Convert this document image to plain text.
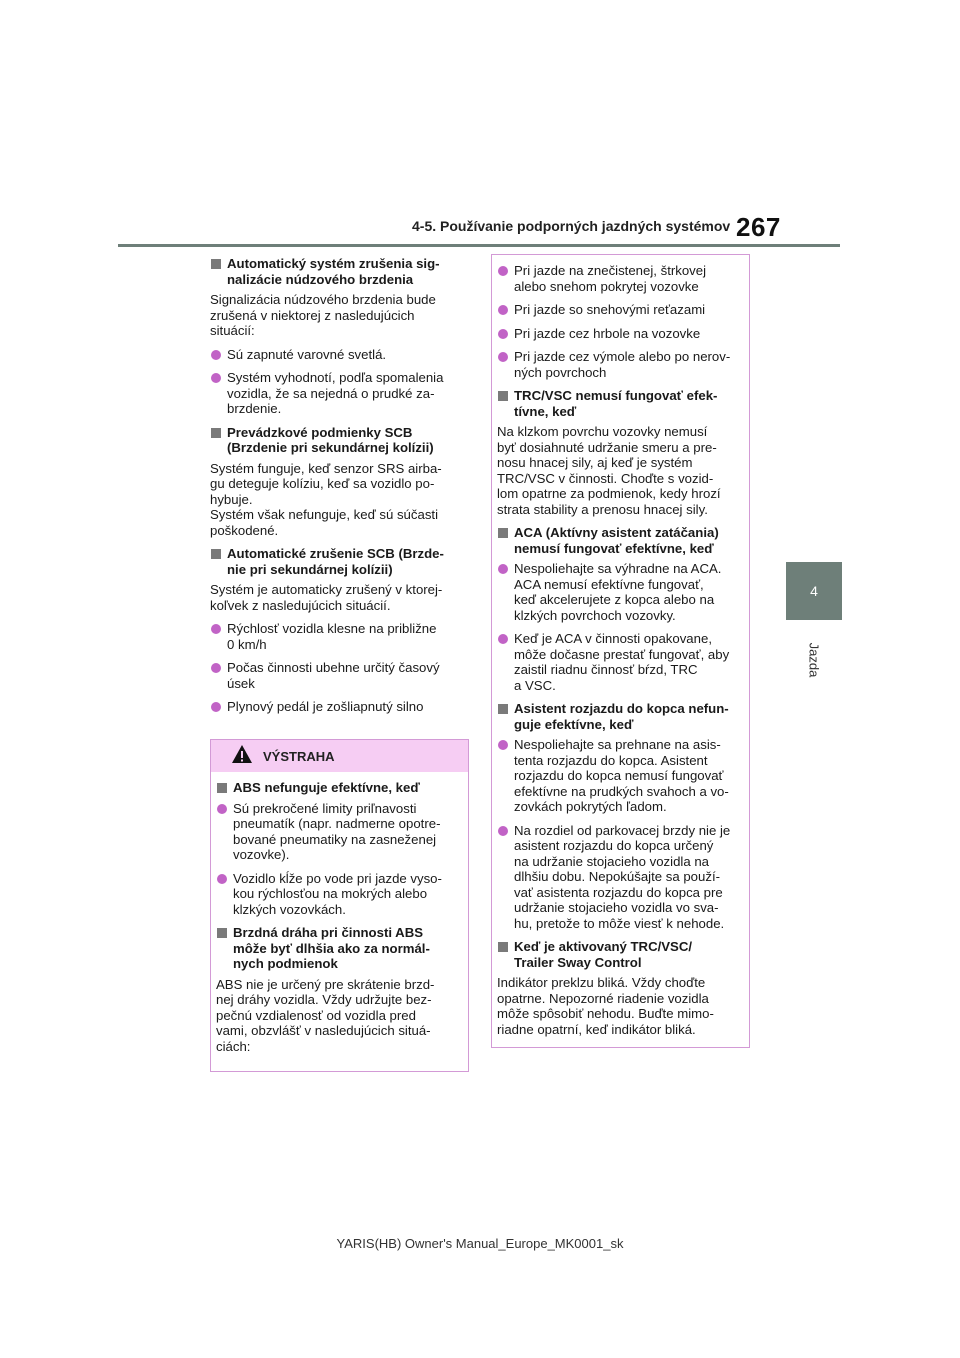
4-5. Používanie podporných jazdných systémov 267
4
Jazda
Automatický systém zrušenia sig-
nalizácie núdzového brzdenia
Signalizácia núdzového brzdenia bude
zrušená v niektorej z nasledujúcich
situácií:
Sú zapnuté varovné svetlá.
Systém vyhodnotí, podľa spomalenia
vozidla, že sa nejedná o prudké za-
brzdenie.
Prevádzkové podmienky SCB
(Brzdenie pri sekundárnej kolízii)
Systém funguje, keď senzor SRS airba-
gu deteguje kolíziu, keď sa vozidlo po-
hybuje.
Systém však nefunguje, keď sú súčasti
poškodené.
Automatické zrušenie SCB (Brzde-
nie pri sekundárnej kolízii)
Systém je automaticky zrušený v ktorej-
koľvek z nasledujúcich situácií.
Rýchlosť vozidla klesne na približne
0 km/h
Počas činnosti ubehne určitý časový
úsek
Plynový pedál je zošliapnutý silno
VÝSTRAHA
ABS nefunguje efektívne, keď
Sú prekročené limity priľnavosti
pneumatík (napr. nadmerne opotre-
bované pneumatiky na zasneženej
vozovke).
Vozidlo kĺže po vode pri jazde vyso-
kou rýchlosťou na mokrých alebo
klzkých vozovkách.
Brzdná dráha pri činnosti ABS
môže byť dlhšia ako za normál-
nych podmienok
ABS nie je určený pre skrátenie brzd-
nej dráhy vozidla. Vždy udržujte bez-
pečnú vzdialenosť od vozidla pred
vami, obzvlášť v nasledujúcich situá-
ciách:
Pri jazde na znečistenej, štrkovej
alebo snehom pokrytej vozovke
Pri jazde so snehovými reťazami
Pri jazde cez hrbole na vozovke
Pri jazde cez výmole alebo po nerov-
ných povrchoch
TRC/VSC nemusí fungovať efek-
tívne, keď
Na klzkom povrchu vozovky nemusí
byť dosiahnuté udržanie smeru a pre-
nosu hnacej sily, aj keď je systém
TRC/VSC v činnosti. Choďte s vozid-
lom opatrne za podmienok, kedy hrozí
strata stability a prenosu hnacej sily.
ACA (Aktívny asistent zatáčania)
nemusí fungovať efektívne, keď
Nespoliehajte sa výhradne na ACA.
ACA nemusí efektívne fungovať,
keď akcelerujete z kopca alebo na
klzkých povrchoch vozovky.
Keď je ACA v činnosti opakovane,
môže dočasne prestať fungovať, aby
zaistil riadnu činnosť bŕzd, TRC
a VSC.
Asistent rozjazdu do kopca nefun-
guje efektívne, keď
Nespoliehajte sa prehnane na asis-
tenta rozjazdu do kopca. Asistent
rozjazdu do kopca nemusí fungovať
efektívne na prudkých svahoch a vo-
zovkách pokrytých ľadom.
Na rozdiel od parkovacej brzdy nie je
asistent rozjazdu do kopca určený
na udržanie stojacieho vozidla na
dlhšiu dobu. Nepokúšajte sa použí-
vať asistenta rozjazdu do kopca pre
udržanie stojacieho vozidla vo sva-
hu, pretože to môže viesť k nehode.
Keď je aktivovaný TRC/VSC/
Trailer Sway Control
Indikátor preklzu bliká. Vždy choďte
opatrne. Nepozorné riadenie vozidla
môže spôsobiť nehodu. Buďte mimo-
riadne opatrní, keď indikátor bliká.
YARIS(HB) Owner's Manual_Europe_MK0001_sk
